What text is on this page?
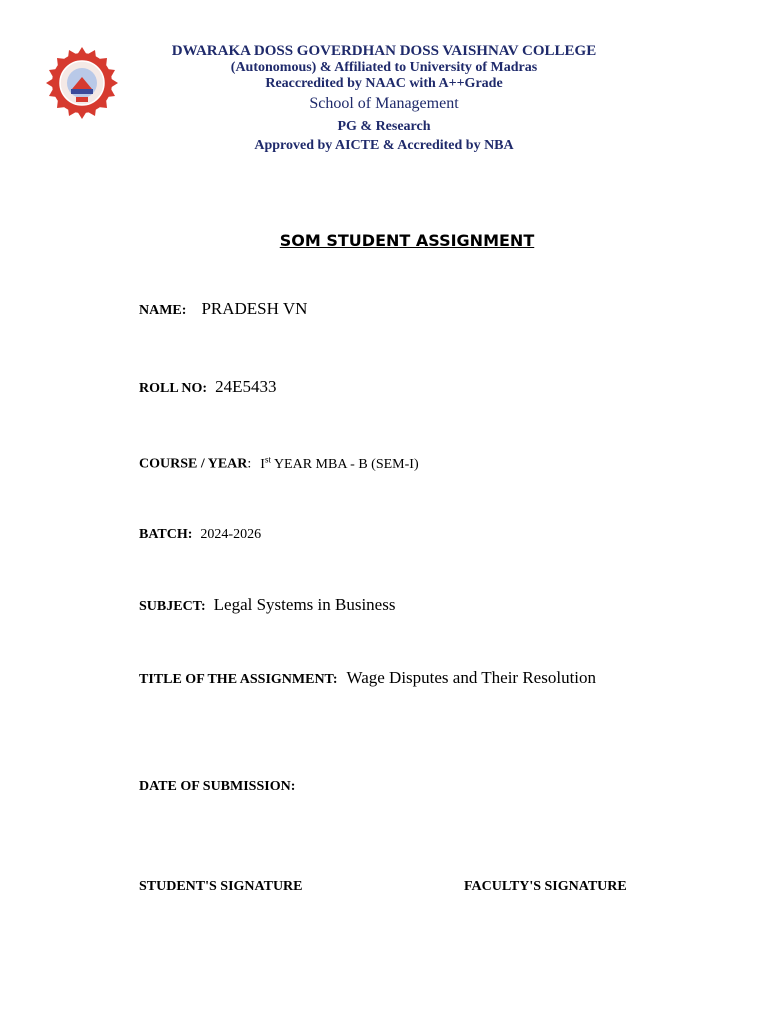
DWARAKA DOSS GOVERDHAN DOSS VAISHNAV COLLEGE
(Autonomous) & Affiliated to University of Madras
Reaccredited by NAAC with A++Grade
School of Management
PG & Research
Approved by AICTE & Accredited by NBA
SOM STUDENT ASSIGNMENT
NAME: PRADESH VN
ROLL NO: 24E5433
COURSE / YEAR: Ist YEAR MBA - B (SEM-I)
BATCH: 2024-2026
SUBJECT: Legal Systems in Business
TITLE OF THE ASSIGNMENT: Wage Disputes and Their Resolution
DATE OF SUBMISSION:
STUDENT'S SIGNATURE	FACULTY'S SIGNATURE
